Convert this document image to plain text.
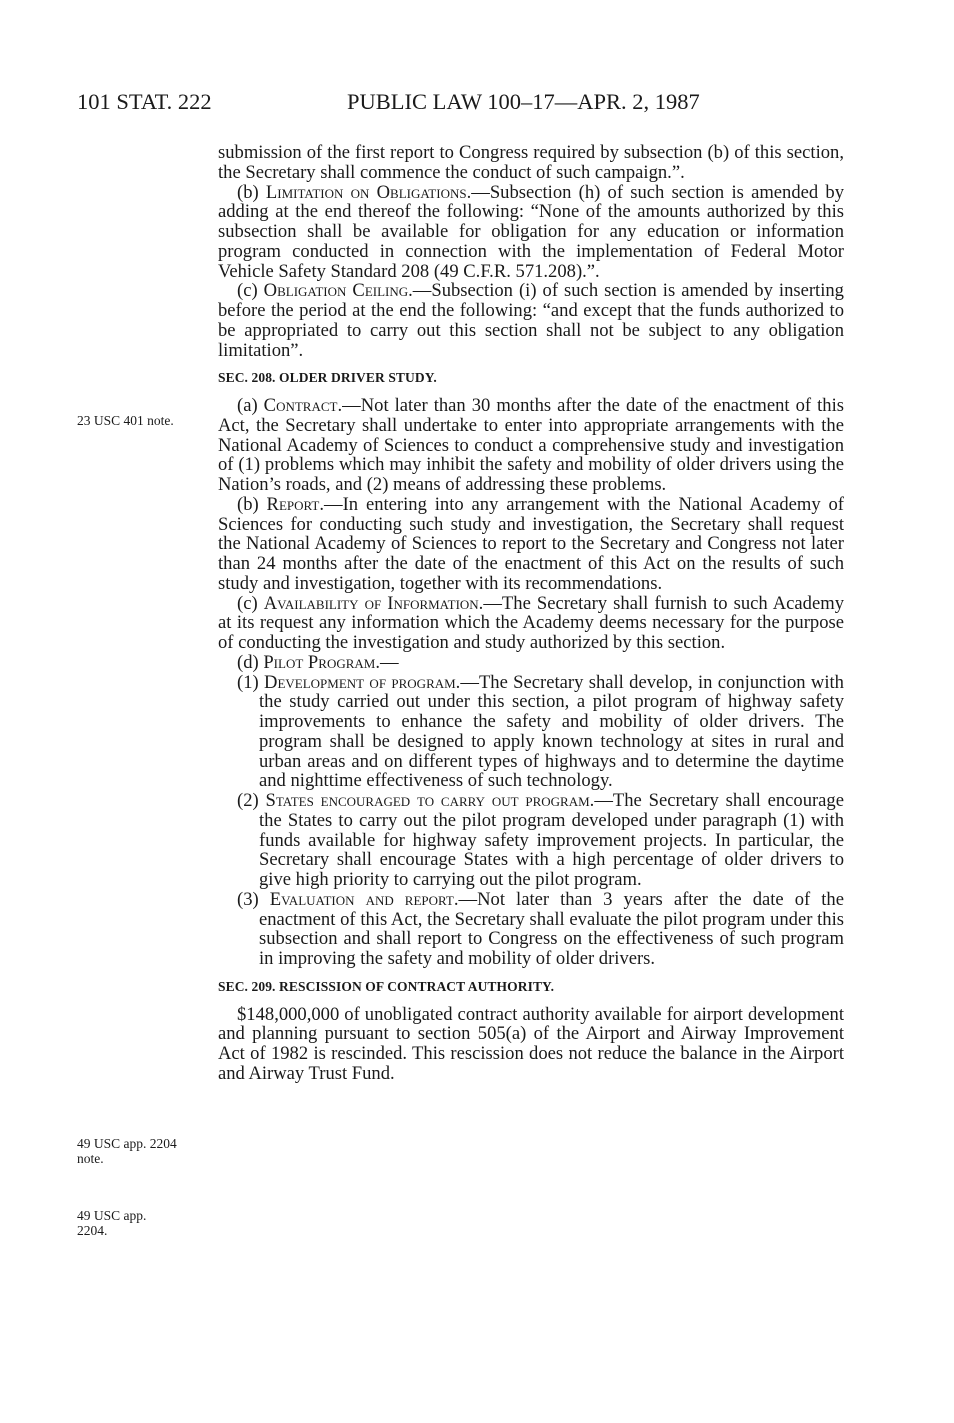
101 STAT. 222	PUBLIC LAW 100–17—APR. 2, 1987
23 USC 401 note.
49 USC app. 2204
note.
49 USC app.
2204.

submission of the first report to Congress required by subsection (b) of this section, the Secretary shall commence the conduct of such campaign.”.

(b) Limitation on Obligations.—Subsection (h) of such section is amended by adding at the end thereof the following: “None of the amounts authorized by this subsection shall be available for obligation for any education or information program conducted in connection with the implementation of Federal Motor Vehicle Safety Standard 208 (49 C.F.R. 571.208).”.

(c) Obligation Ceiling.—Subsection (i) of such section is amended by inserting before the period at the end the following: “and except that the funds authorized to be appropriated to carry out this section shall not be subject to any obligation limitation”.

SEC. 208. OLDER DRIVER STUDY.

(a) Contract.—Not later than 30 months after the date of the enactment of this Act, the Secretary shall undertake to enter into appropriate arrangements with the National Academy of Sciences to conduct a comprehensive study and investigation of (1) problems which may inhibit the safety and mobility of older drivers using the Nation’s roads, and (2) means of addressing these problems.

(b) Report.—In entering into any arrangement with the National Academy of Sciences for conducting such study and investigation, the Secretary shall request the National Academy of Sciences to report to the Secretary and Congress not later than 24 months after the date of the enactment of this Act on the results of such study and investigation, together with its recommendations.

(c) Availability of Information.—The Secretary shall furnish to such Academy at its request any information which the Academy deems necessary for the purpose of conducting the investigation and study authorized by this section.

(d) Pilot Program.—

(1) Development of program.—The Secretary shall develop, in conjunction with the study carried out under this section, a pilot program of highway safety improvements to enhance the safety and mobility of older drivers. The program shall be designed to apply known technology at sites in rural and urban areas and on different types of highways and to determine the daytime and nighttime effectiveness of such technology.

(2) States encouraged to carry out program.—The Secretary shall encourage the States to carry out the pilot program developed under paragraph (1) with funds available for highway safety improvement projects. In particular, the Secretary shall encourage States with a high percentage of older drivers to give high priority to carrying out the pilot program.

(3) Evaluation and report.—Not later than 3 years after the date of the enactment of this Act, the Secretary shall evaluate the pilot program under this subsection and shall report to Congress on the effectiveness of such program in improving the safety and mobility of older drivers.

SEC. 209. RESCISSION OF CONTRACT AUTHORITY.

$148,000,000 of unobligated contract authority available for airport development and planning pursuant to section 505(a) of the Airport and Airway Improvement Act of 1982 is rescinded. This rescission does not reduce the balance in the Airport and Airway Trust Fund.
